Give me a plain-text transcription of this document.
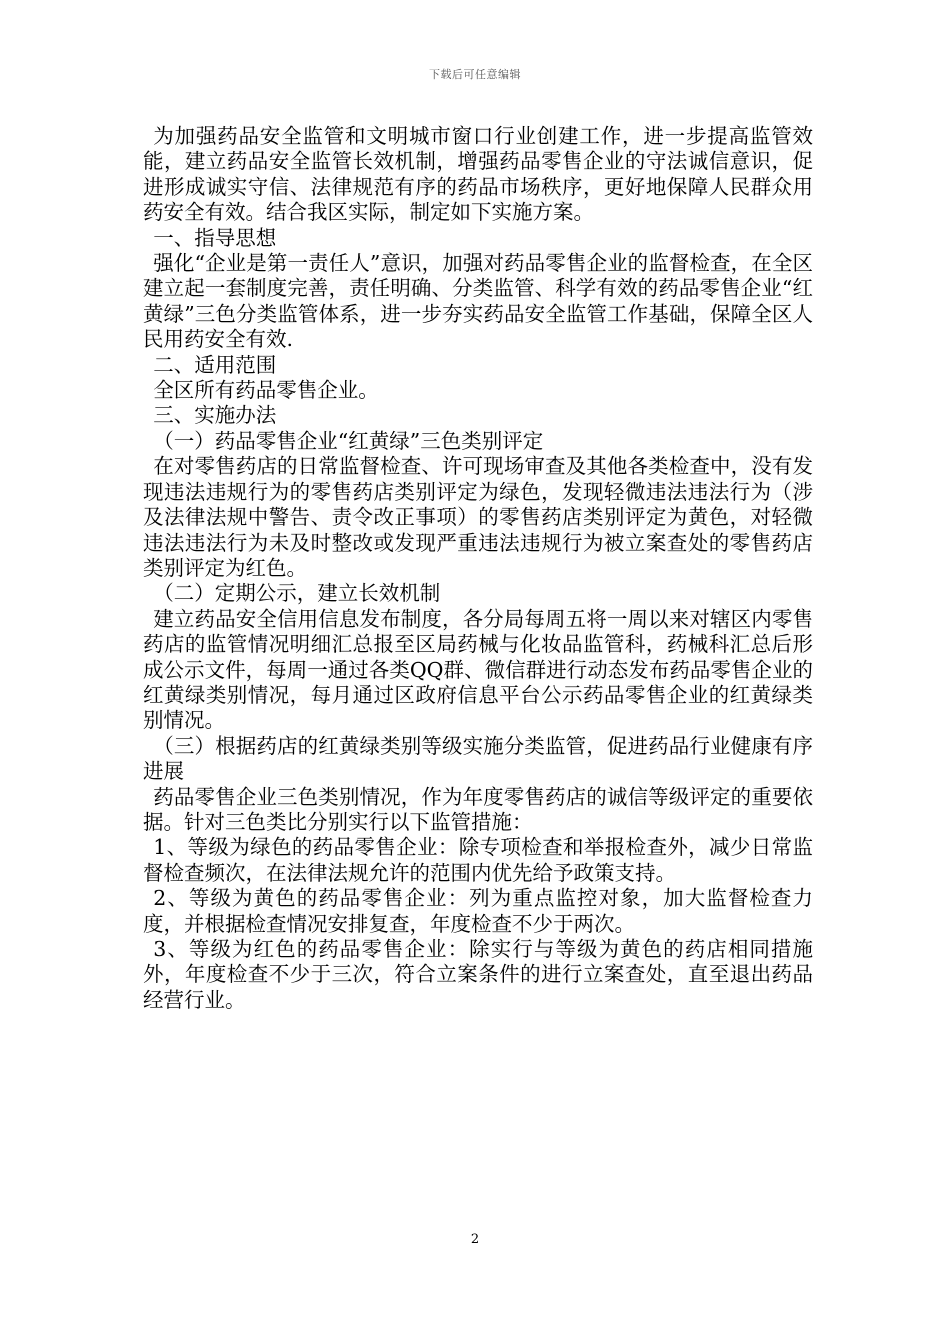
下载后可任意编辑

为加强药品安全监管和文明城市窗口行业创建工作，进一步提高监管效能，建立药品安全监管长效机制，增强药品零售企业的守法诚信意识，促进形成诚实守信、法律规范有序的药品市场秩序，更好地保障人民群众用药安全有效。结合我区实际，制定如下实施方案。

一、指导思想

强化“企业是第一责任人”意识，加强对药品零售企业的监督检查，在全区建立起一套制度完善，责任明确、分类监管、科学有效的药品零售企业“红黄绿”三色分类监管体系，进一步夯实药品安全监管工作基础，保障全区人民用药安全有效.

二、适用范围

全区所有药品零售企业。

三、实施办法

（一）药品零售企业“红黄绿”三色类别评定

在对零售药店的日常监督检查、许可现场审查及其他各类检查中，没有发现违法违规行为的零售药店类别评定为绿色，发现轻微违法违法行为（涉及法律法规中警告、责令改正事项）的零售药店类别评定为黄色，对轻微违法违法行为未及时整改或发现严重违法违规行为被立案查处的零售药店类别评定为红色。

（二）定期公示，建立长效机制

建立药品安全信用信息发布制度，各分局每周五将一周以来对辖区内零售药店的监管情况明细汇总报至区局药械与化妆品监管科，药械科汇总后形成公示文件，每周一通过各类QQ群、微信群进行动态发布药品零售企业的红黄绿类别情况，每月通过区政府信息平台公示药品零售企业的红黄绿类别情况。

（三）根据药店的红黄绿类别等级实施分类监管，促进药品行业健康有序进展

药品零售企业三色类别情况，作为年度零售药店的诚信等级评定的重要依据。针对三色类比分别实行以下监管措施：

1、等级为绿色的药品零售企业：除专项检查和举报检查外，减少日常监督检查频次，在法律法规允许的范围内优先给予政策支持。

2、等级为黄色的药品零售企业：列为重点监控对象，加大监督检查力度，并根据检查情况安排复查，年度检查不少于两次。

3、等级为红色的药品零售企业：除实行与等级为黄色的药店相同措施外，年度检查不少于三次，符合立案条件的进行立案查处，直至退出药品经营行业。

2
